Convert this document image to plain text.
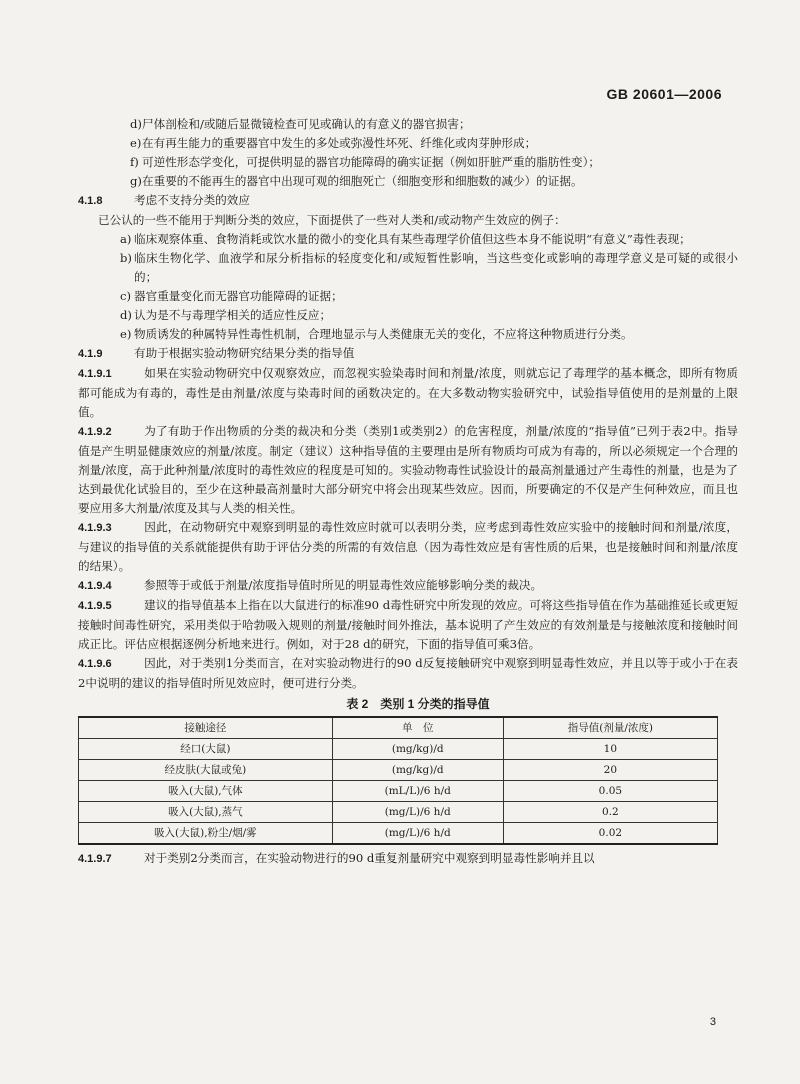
GB 20601—2006

d) 尸体剖检和/或随后显微镜检查可见或确认的有意义的器官损害；

e) 在有再生能力的重要器官中发生的多处或弥漫性坏死、纤维化或肉芽肿形成；

f) 可逆性形态学变化，可提供明显的器官功能障碍的确实证据（例如肝脏严重的脂肪性变）；

g) 在重要的不能再生的器官中出现可观的细胞死亡（细胞变形和细胞数的减少）的证据。

4.1.8	考虑不支持分类的效应

已公认的一些不能用于判断分类的效应，下面提供了一些对人类和/或动物产生效应的例子：

a) 临床观察体重、食物消耗或饮水量的微小的变化具有某些毒理学价值但这些本身不能说明“有意义”毒性表现；

b) 临床生物化学、血液学和尿分析指标的轻度变化和/或短暂性影响，当这些变化或影响的毒理学意义是可疑的或很小的；

c) 器官重量变化而无器官功能障碍的证据；

d) 认为是不与毒理学相关的适应性反应；

e) 物质诱发的种属特异性毒性机制，合理地显示与人类健康无关的变化，不应将这种物质进行分类。

4.1.9	有助于根据实验动物研究结果分类的指导值

4.1.9.1	如果在实验动物研究中仅观察效应，而忽视实验染毒时间和剂量/浓度，则就忘记了毒理学的基本概念，即所有物质都可能成为有毒的，毒性是由剂量/浓度与染毒时间的函数决定的。在大多数动物实验研究中，试验指导值使用的是剂量的上限值。

4.1.9.2	为了有助于作出物质的分类的裁决和分类（类别1或类别2）的危害程度，剂量/浓度的“指导值”已列于表2中。指导值是产生明显健康效应的剂量/浓度。制定（建议）这种指导值的主要理由是所有物质均可成为有毒的，所以必须规定一个合理的剂量/浓度，高于此种剂量/浓度时的毒性效应的程度是可知的。实验动物毒性试验设计的最高剂量通过产生毒性的剂量，也是为了达到最优化试验目的，至少在这种最高剂量时大部分研究中将会出现某些效应。因而，所要确定的不仅是产生何种效应，而且也要应用多大剂量/浓度及其与人类的相关性。

4.1.9.3	因此，在动物研究中观察到明显的毒性效应时就可以表明分类，应考虑到毒性效应实验中的接触时间和剂量/浓度，与建议的指导值的关系就能提供有助于评估分类的所需的有效信息（因为毒性效应是有害性质的后果，也是接触时间和剂量/浓度的结果）。

4.1.9.4	参照等于或低于剂量/浓度指导值时所见的明显毒性效应能够影响分类的裁决。

4.1.9.5	建议的指导值基本上指在以大鼠进行的标准90 d毒性研究中所发现的效应。可将这些指导值在作为基础推延长或更短接触时间毒性研究，采用类似于哈勃吸入规则的剂量/接触时间外推法，基本说明了产生效应的有效剂量是与接触浓度和接触时间成正比。评估应根据逐例分析地来进行。例如，对于28 d的研究，下面的指导值可乘3倍。

4.1.9.6	因此，对于类别1分类而言，在对实验动物进行的90 d反复接触研究中观察到明显毒性效应，并且以等于或小于在表2中说明的建议的指导值时所见效应时，便可进行分类。

表 2　类别 1 分类的指导值
接触途径	单　位	指导值(剂量/浓度)
经口(大鼠)	(mg/kg)/d	10
经皮肤(大鼠或兔)	(mg/kg)/d	20
吸入(大鼠),气体	(mL/L)/6 h/d	0.05
吸入(大鼠),蒸气	(mg/L)/6 h/d	0.2
吸入(大鼠),粉尘/烟/雾	(mg/L)/6 h/d	0.02

4.1.9.7	对于类别2分类而言，在实验动物进行的90 d重复剂量研究中观察到明显毒性影响并且以

3
